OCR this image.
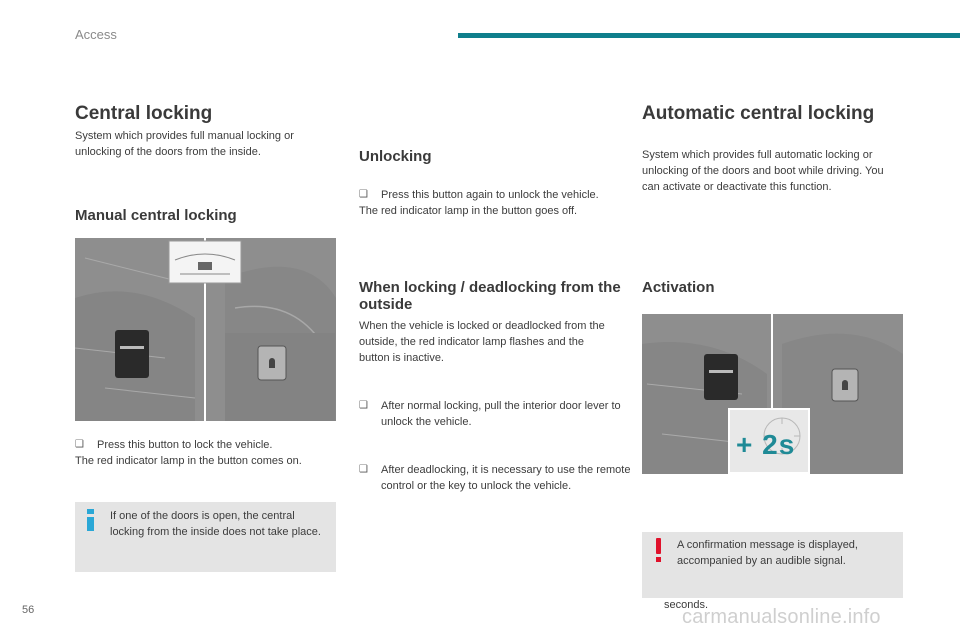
Access
Central locking

System which provides full manual locking or unlocking of the doors from the inside.

Manual central locking

❑ Press this button to lock the vehicle.

The red indicator lamp in the button comes on.

If one of the doors is open, the central locking from the inside does not take place.

Unlocking

❑ Press this button again to unlock the vehicle.

The red indicator lamp in the button goes off.

When locking / deadlocking from the outside

When the vehicle is locked or deadlocked from the outside, the red indicator lamp flashes and the button is inactive.

❑ After normal locking, pull the interior door lever to unlock the vehicle.

❑ After deadlocking, it is necessary to use the remote control or the key to unlock the vehicle.

Automatic central locking

System which provides full automatic locking or unlocking of the doors and boot while driving. You can activate or deactivate this function.

Activation
+ 2s

seconds.

A confirmation message is displayed, accompanied by an audible signal.

56	carmanualsonline.info
